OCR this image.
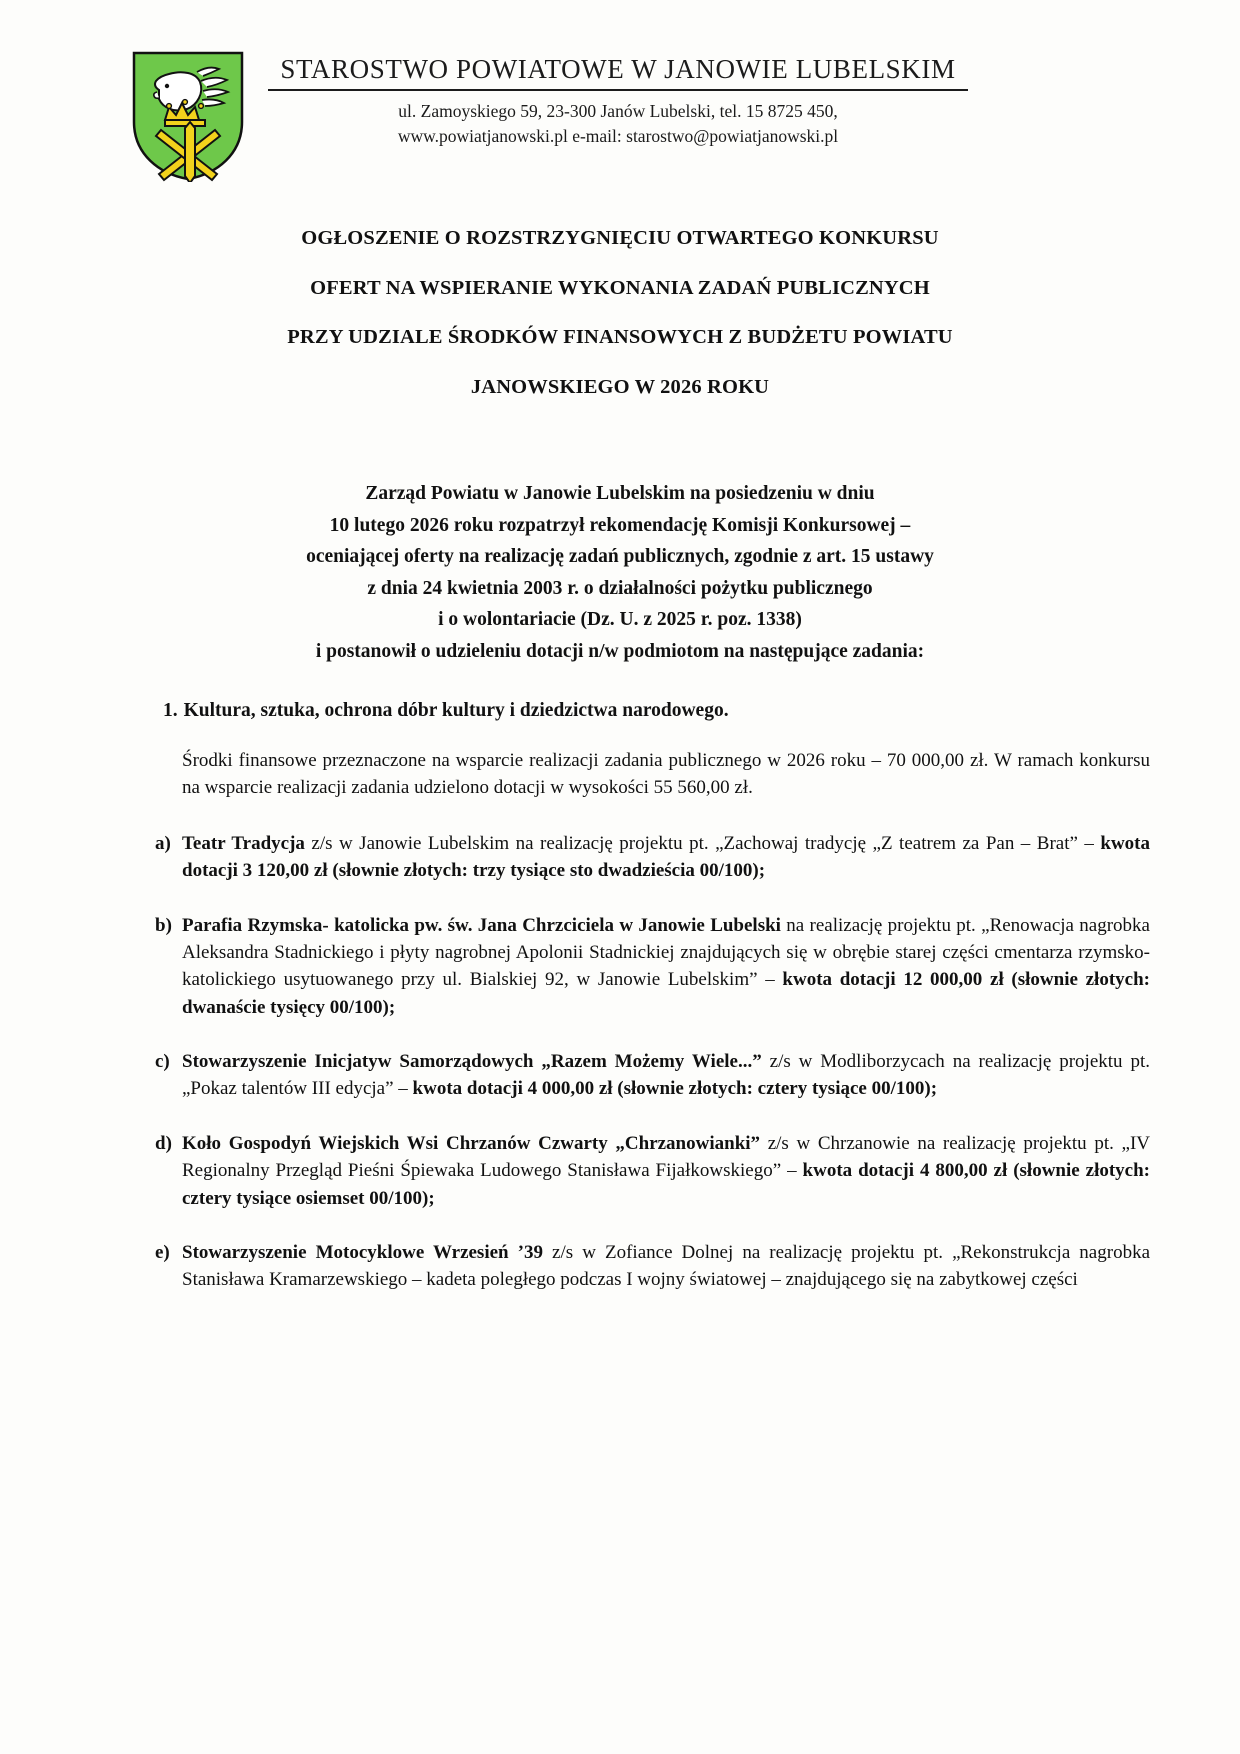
STAROSTWO POWIATOWE W JANOWIE LUBELSKIM
ul. Zamoyskiego 59, 23-300 Janów Lubelski, tel. 15 8725 450,
www.powiatjanowski.pl e-mail: starostwo@powiatjanowski.pl
OGŁOSZENIE O ROZSTRZYGNIĘCIU OTWARTEGO KONKURSU
OFERT NA WSPIERANIE WYKONANIA ZADAŃ PUBLICZNYCH
PRZY UDZIALE ŚRODKÓW FINANSOWYCH Z BUDŻETU POWIATU
JANOWSKIEGO W 2026 ROKU
Zarząd Powiatu w Janowie Lubelskim na posiedzeniu w dniu
10 lutego 2026 roku rozpatrzył rekomendację Komisji Konkursowej –
oceniającej oferty na realizację zadań publicznych, zgodnie z art. 15 ustawy
z dnia 24 kwietnia 2003 r. o działalności pożytku publicznego
i o wolontariacie (Dz. U. z 2025 r. poz. 1338)
i postanowił o udzieleniu dotacji n/w podmiotom na następujące zadania:
1. Kultura, sztuka, ochrona dóbr kultury i dziedzictwa narodowego.
Środki finansowe przeznaczone na wsparcie realizacji zadania publicznego w 2026 roku – 70 000,00 zł. W ramach konkursu na wsparcie realizacji zadania udzielono dotacji w wysokości 55 560,00 zł.
a) Teatr Tradycja z/s w Janowie Lubelskim na realizację projektu pt. „Zachowaj tradycję „Z teatrem za Pan – Brat” – kwota dotacji 3 120,00 zł (słownie złotych: trzy tysiące sto dwadzieścia 00/100);
b) Parafia Rzymska- katolicka pw. św. Jana Chrzciciela w Janowie Lubelski na realizację projektu pt. „Renowacja nagrobka Aleksandra Stadnickiego i płyty nagrobnej Apolonii Stadnickiej znajdujących się w obrębie starej części cmentarza rzymsko-katolickiego usytuowanego przy ul. Bialskiej 92, w Janowie Lubelskim” – kwota dotacji 12 000,00 zł (słownie złotych: dwanaście tysięcy 00/100);
c) Stowarzyszenie Inicjatyw Samorządowych „Razem Możemy Wiele...” z/s w Modliborzycach na realizację projektu pt. „Pokaz talentów III edycja” – kwota dotacji 4 000,00 zł (słownie złotych: cztery tysiące 00/100);
d) Koło Gospodyń Wiejskich Wsi Chrzanów Czwarty „Chrzanowianki” z/s w Chrzanowie na realizację projektu pt. „IV Regionalny Przegląd Pieśni Śpiewaka Ludowego Stanisława Fijałkowskiego” – kwota dotacji 4 800,00 zł (słownie złotych: cztery tysiące osiemset 00/100);
e) Stowarzyszenie Motocyklowe Wrzesień ’39 z/s w Zofiance Dolnej na realizację projektu pt. „Rekonstrukcja nagrobka Stanisława Kramarzewskiego – kadeta poległego podczas I wojny światowej – znajdującego się na zabytkowej części
